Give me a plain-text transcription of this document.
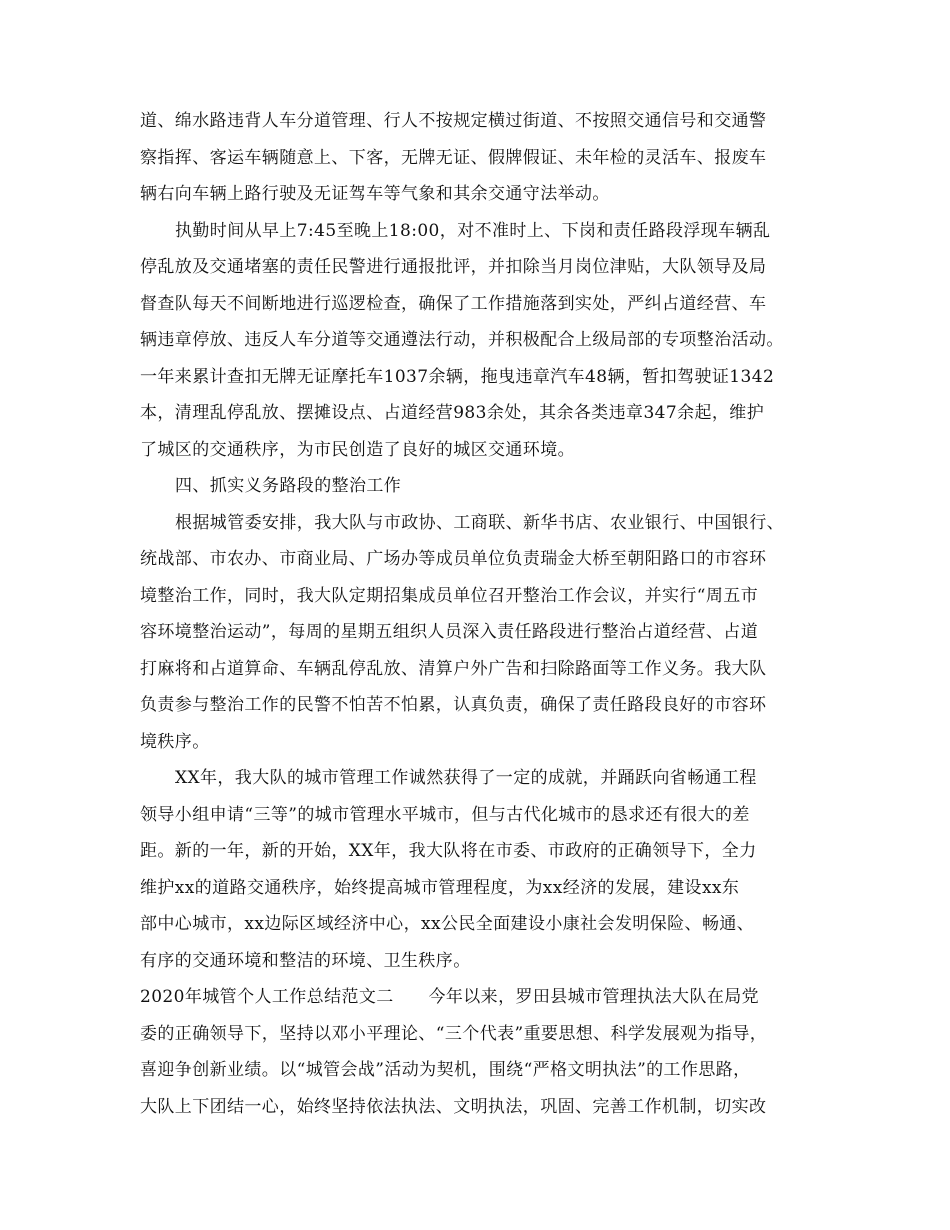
道、绵水路违背人车分道管理、行人不按规定横过街道、不按照交通信号和交通警
察指挥、客运车辆随意上、下客，无牌无证、假牌假证、未年检的灵活车、报废车
辆右向车辆上路行驶及无证驾车等气象和其余交通守法举动。
执勤时间从早上7:45至晚上18:00，对不准时上、下岗和责任路段浮现车辆乱
停乱放及交通堵塞的责任民警进行通报批评，并扣除当月岗位津贴，大队领导及局
督查队每天不间断地进行巡逻检查，确保了工作措施落到实处，严纠占道经营、车
辆违章停放、违反人车分道等交通遵法行动，并积极配合上级局部的专项整治活动。
一年来累计查扣无牌无证摩托车1037余辆，拖曳违章汽车48辆，暂扣驾驶证1342
本，清理乱停乱放、摆摊设点、占道经营983余处，其余各类违章347余起，维护
了城区的交通秩序，为市民创造了良好的城区交通环境。
四、抓实义务路段的整治工作
根据城管委安排，我大队与市政协、工商联、新华书店、农业银行、中国银行、
统战部、市农办、市商业局、广场办等成员单位负责瑞金大桥至朝阳路口的市容环
境整治工作，同时，我大队定期招集成员单位召开整治工作会议，并实行“周五市
容环境整治运动”，每周的星期五组织人员深入责任路段进行整治占道经营、占道
打麻将和占道算命、车辆乱停乱放、清算户外广告和扫除路面等工作义务。我大队
负责参与整治工作的民警不怕苦不怕累，认真负责，确保了责任路段良好的市容环
境秩序。
XX年，我大队的城市管理工作诚然获得了一定的成就，并踊跃向省畅通工程
领导小组申请“三等”的城市管理水平城市，但与古代化城市的恳求还有很大的差
距。新的一年，新的开始，XX年，我大队将在市委、市政府的正确领导下，全力
维护xx的道路交通秩序，始终提高城市管理程度，为xx经济的发展，建设xx东
部中心城市，xx边际区域经济中心，xx公民全面建设小康社会发明保险、畅通、
有序的交通环境和整洁的环境、卫生秩序。
2020年城管个人工作总结范文二　　今年以来，罗田县城市管理执法大队在局党
委的正确领导下，坚持以邓小平理论、“三个代表”重要思想、科学发展观为指导，
喜迎争创新业绩。以“城管会战”活动为契机，围绕“严格文明执法”的工作思路，
大队上下团结一心，始终坚持依法执法、文明执法，巩固、完善工作机制，切实改
